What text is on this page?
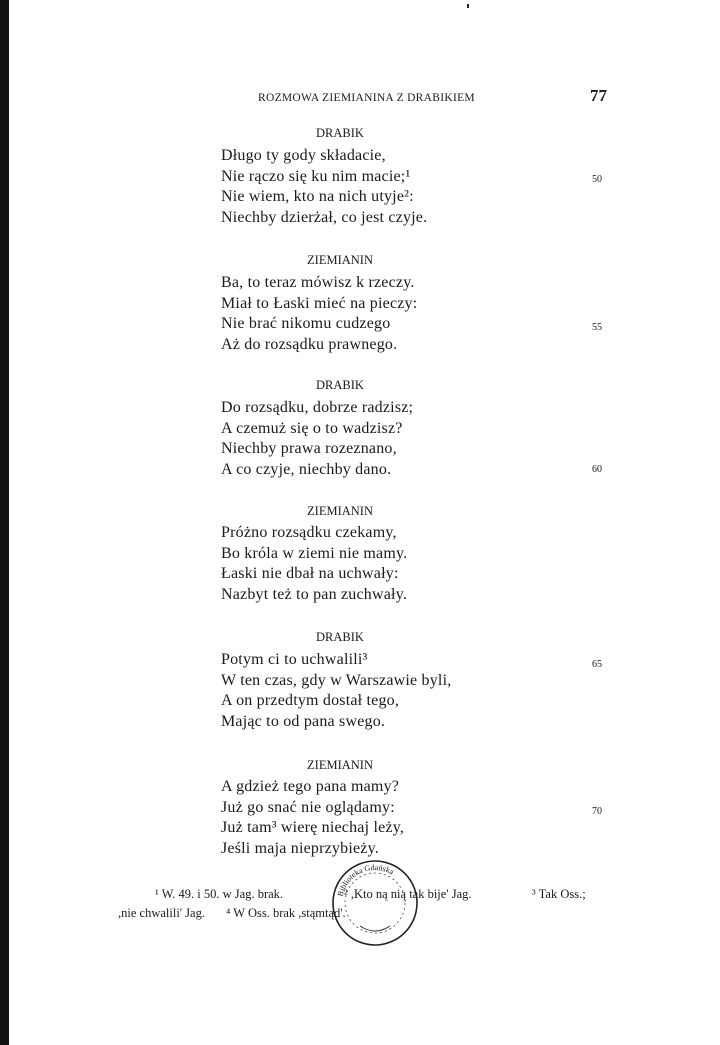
ROZMOWA ZIEMIANINA Z DRABIKIEM	77
DRABIK
Długo ty gody składacie,
Nie rączo się ku nim macie;¹
Nie wiem, kto na nich utyje²:
Niechby dzierżał, co jest czyje.
ZIEMIANIN
Ba, to teraz mówisz k rzeczy.
Miał to Łaski mieć na pieczy:
Nie brać nikomu cudzego
Aż do rozsądku prawnego.
DRABIK
Do rozsądku, dobrze radzisz;
A czemuż się o to wadzisz?
Niechby prawa rozeznano,
A co czyje, niechby dano.
ZIEMIANIN
Próżno rozsądku czekamy,
Bo króla w ziemi nie mamy.
Łaski nie dbał na uchwały:
Nazbyt też to pan zuchwały.
DRABIK
Potym ci to uchwalili³
W ten czas, gdy w Warszawie byli,
A on przedtym dostał tego,
Mając to od pana swego.
ZIEMIANIN
A gdzież tego pana mamy?
Już go snać nie oglądamy:
Już tam³ wierę niechaj leży,
Jeśli maja nieprzybieży.
50
55
60
65
70
¹ W. 49. i 50. w Jag. brak.	² ,Kto ną nią tak bije' Jag.	³ Tak Oss.;
,nie chwalili' Jag. ⁴ W Oss. brak ,stąmtąd'.
Biblioteka Gdańska
